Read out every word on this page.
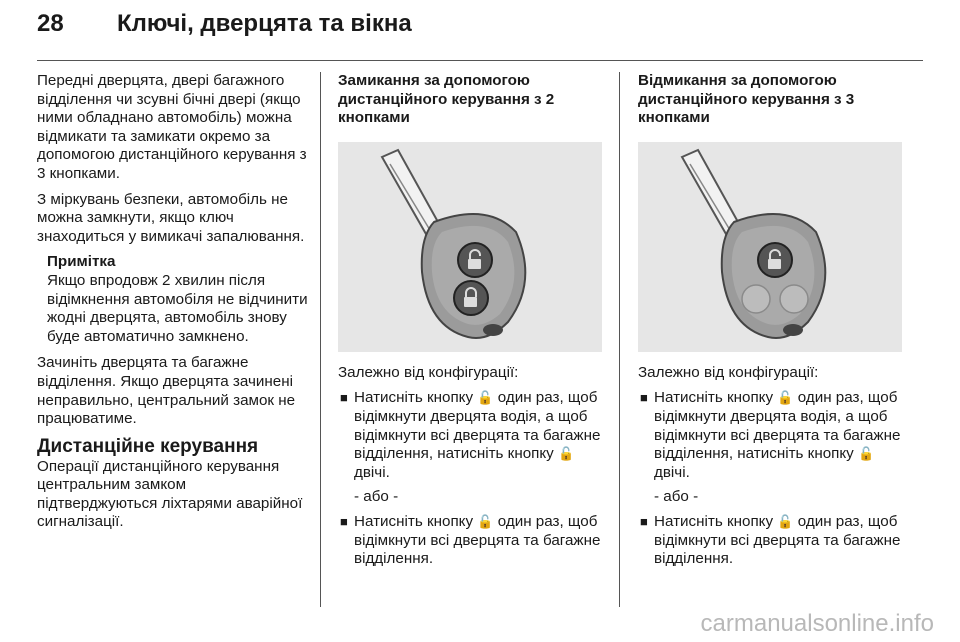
28 Ключі, дверцята та вікна

Передні дверцята, двері багажного відділення чи зсувні бічні двері (якщо ними обладнано автомобіль) можна відмикати та замикати окремо за допомогою дистанційного керування з 3 кнопками.

З міркувань безпеки, автомобіль не можна замкнути, якщо ключ знаходиться у вимикачі запалювання.

Примітка
Якщо впродовж 2 хвилин після відімкнення автомобіля не відчинити жодні дверцята, автомобіль знову буде автоматично замкнено.

Зачиніть дверцята та багажне відділення. Якщо дверцята зачинені неправильно, центральний замок не працюватиме.

Дистанційне керування

Операції дистанційного керування центральним замком підтверджуються ліхтарями аварійної сигналізації.

Замикання за допомогою дистанційного керування з 2 кнопками

Залежно від конфігурації:

■ Натисніть кнопку 🔓 один раз, щоб відімкнути дверцята водія, а щоб відімкнути всі дверцята та багажне відділення, натисніть кнопку 🔓 двічі.
- або -
■ Натисніть кнопку 🔓 один раз, щоб відімкнути всі дверцята та багажне відділення.
Відмикання за допомогою дистанційного керування з 3 кнопками

Залежно від конфігурації:

■ Натисніть кнопку 🔓 один раз, щоб відімкнути дверцята водія, а щоб відімкнути всі дверцята та багажне відділення, натисніть кнопку 🔓 двічі.
- або -
■ Натисніть кнопку 🔓 один раз, щоб відімкнути всі дверцята та багажне відділення.
carmanualsonline.info
